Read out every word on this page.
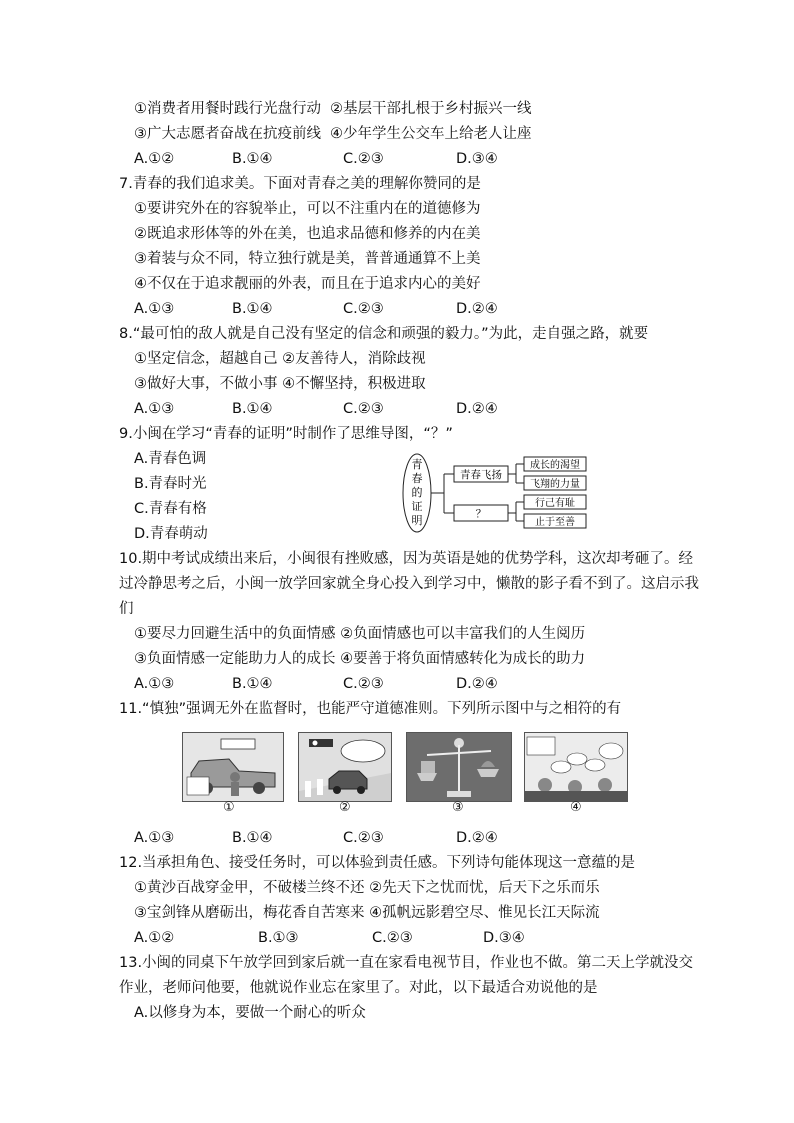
①消费者用餐时践行光盘行动 ②基层干部扎根于乡村振兴一线
③广大志愿者奋战在抗疫前线 ④少年学生公交车上给老人让座
A.①②	B.①④	C.②③	D.③④
7.青春的我们追求美。下面对青春之美的理解你赞同的是
①要讲究外在的容貌举止，可以不注重内在的道德修为
②既追求形体等的外在美，也追求品德和修养的内在美
③着装与众不同，特立独行就是美，普普通通算不上美
④不仅在于追求靓丽的外表，而且在于追求内心的美好
A.①③	B.①④	C.②③	D.②④
8.“最可怕的敌人就是自己没有坚定的信念和顽强的毅力。”为此，走自强之路，就要
①坚定信念，超越自己 ②友善待人，消除歧视
③做好大事，不做小事 ④不懈坚持，积极进取
A.①③	B.①④	C.②③	D.②④
9.小闽在学习“青春的证明”时制作了思维导图，“？”
A.青春色调
B.青春时光
C.青春有格
D.青春萌动
青
春
的
证
明
青春飞扬
？
成长的渴望
飞翔的力量
行己有耻
止于至善
10.期中考试成绩出来后，小闽很有挫败感，因为英语是她的优势学科，这次却考砸了。经
过冷静思考之后，小闽一放学回家就全身心投入到学习中，懒散的影子看不到了。这启示我
们
①要尽力回避生活中的负面情感 ②负面情感也可以丰富我们的人生阅历
③负面情感一定能助力人的成长 ④要善于将负面情感转化为成长的助力
A.①③	B.①④	C.②③	D.②④
11.“慎独”强调无外在监督时，也能严守道德准则。下列所示图中与之相符的有
①	②	③	④
A.①③	B.①④	C.②③	D.②④
12.当承担角色、接受任务时，可以体验到责任感。下列诗句能体现这一意蕴的是
①黄沙百战穿金甲，不破楼兰终不还 ②先天下之忧而忧，后天下之乐而乐
③宝剑锋从磨砺出，梅花香自苦寒来 ④孤帆远影碧空尽、惟见长江天际流
A.①②	B.①③	C.②③	D.③④
13.小闽的同桌下午放学回到家后就一直在家看电视节目，作业也不做。第二天上学就没交
作业，老师问他要，他就说作业忘在家里了。对此，以下最适合劝说他的是
A.以修身为本，要做一个耐心的听众
